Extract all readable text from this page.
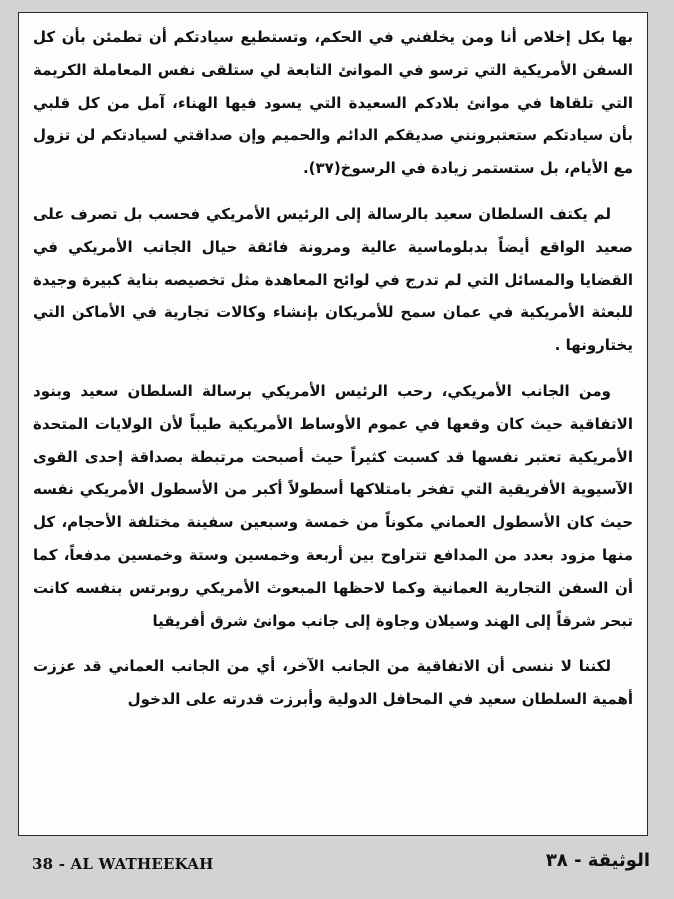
بها بكل إخلاص أنا ومن يخلفني في الحكم، وتستطيع سيادتكم أن تطمئن بأن كل السفن الأمريكية التي ترسو في الموانئ التابعة لي ستلقى نفس المعاملة الكريمة التي تلقاها في موانئ بلادكم السعيدة التي يسود فيها الهناء، آمل من كل قلبي بأن سيادتكم ستعتبرونني صديقكم الدائم والحميم وإن صداقتي لسيادتكم لن تزول مع الأيام، بل ستستمر زيادة في الرسوخ(٣٧).

لم يكتف السلطان سعيد بالرسالة إلى الرئيس الأمريكي فحسب بل تصرف على صعيد الواقع أيضاً بدبلوماسية عالية ومرونة فائقة حيال الجانب الأمريكي في القضايا والمسائل التي لم تدرج في لوائح المعاهدة مثل تخصيصه بناية كبيرة وجيدة للبعثة الأمريكية في عمان سمح للأمريكان بإنشاء وكالات تجارية في الأماكن التي يختارونها .

ومن الجانب الأمريكي، رحب الرئيس الأمريكي برسالة السلطان سعيد وبنود الاتفاقية حيث كان وقعها في عموم الأوساط الأمريكية طيباً لأن الولايات المتحدة الأمريكية تعتبر نفسها قد كسبت كثيراً حيث أصبحت مرتبطة بصداقة إحدى القوى الآسيوية الأفريقية التي تفخر بامتلاكها أسطولاً أكبر من الأسطول الأمريكي نفسه حيث كان الأسطول العماني مكوناً من خمسة وسبعين سفينة مختلفة الأحجام، كل منها مزود بعدد من المدافع تتراوح بين أربعة وخمسين وستة وخمسين مدفعاً، كما أن السفن التجارية العمانية وكما لاحظها المبعوث الأمريكي روبرتس بنفسه كانت تبحر شرقاً إلى الهند وسيلان وجاوة إلى جانب موانئ شرق أفريقيا

لكننا لا ننسى أن الاتفاقية من الجانب الآخر، أي من الجانب العماني قد عززت أهمية السلطان سعيد في المحافل الدولية وأبرزت قدرته على الدخول

38 - AL WATHEEKAH	الوثيقة - ٣٨
